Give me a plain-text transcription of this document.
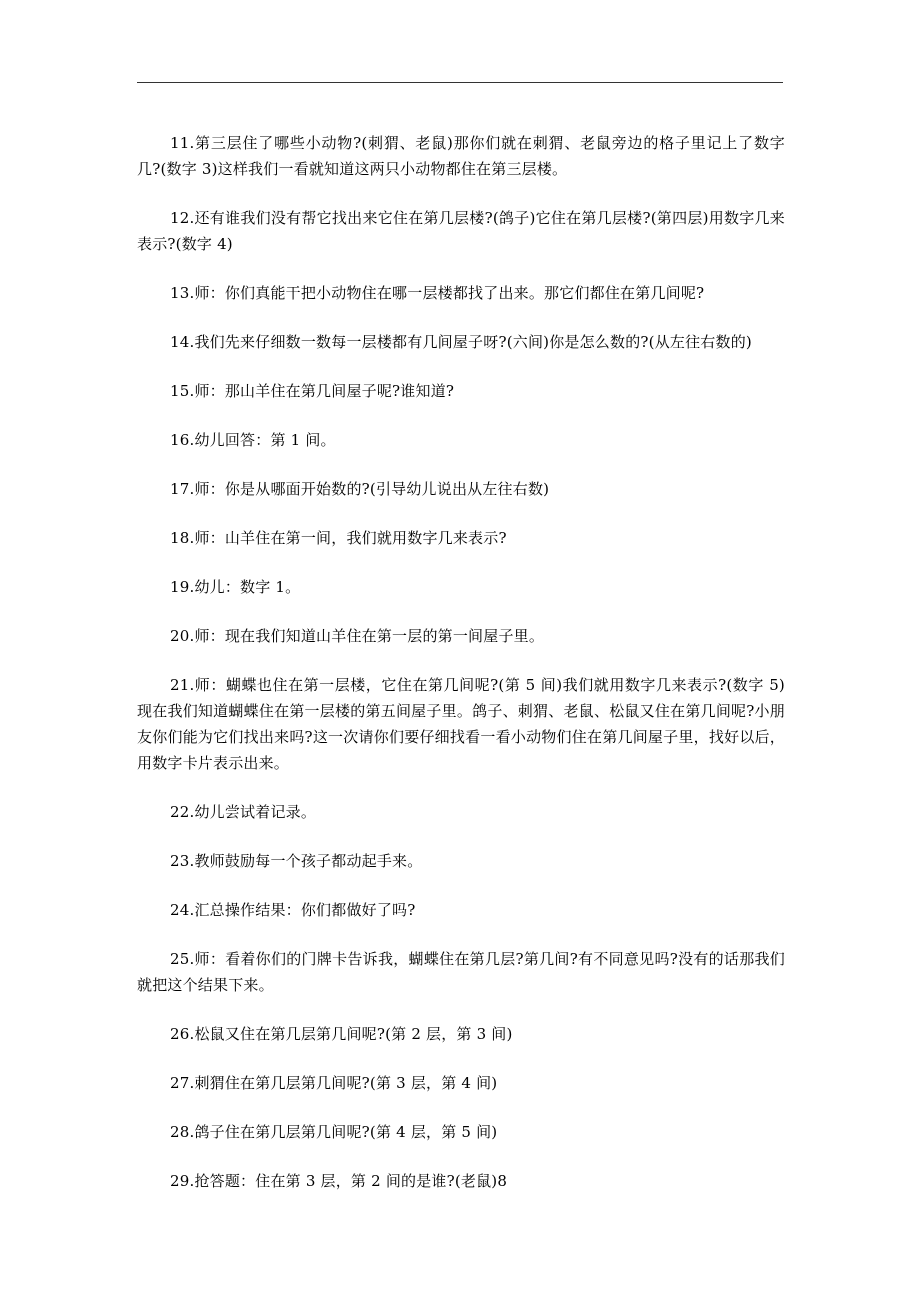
11.第三层住了哪些小动物?(刺猬、老鼠)那你们就在刺猬、老鼠旁边的格子里记上了数字几?(数字 3)这样我们一看就知道这两只小动物都住在第三层楼。

12.还有谁我们没有帮它找出来它住在第几层楼?(鸽子)它住在第几层楼?(第四层)用数字几来表示?(数字 4)

13.师：你们真能干把小动物住在哪一层楼都找了出来。那它们都住在第几间呢?

14.我们先来仔细数一数每一层楼都有几间屋子呀?(六间)你是怎么数的?(从左往右数的)

15.师：那山羊住在第几间屋子呢?谁知道?

16.幼儿回答：第 1 间。

17.师：你是从哪面开始数的?(引导幼儿说出从左往右数)

18.师：山羊住在第一间，我们就用数字几来表示?

19.幼儿：数字 1。

20.师：现在我们知道山羊住在第一层的第一间屋子里。

21.师：蝴蝶也住在第一层楼，它住在第几间呢?(第 5 间)我们就用数字几来表示?(数字 5)现在我们知道蝴蝶住在第一层楼的第五间屋子里。鸽子、刺猬、老鼠、松鼠又住在第几间呢?小朋友你们能为它们找出来吗?这一次请你们要仔细找看一看小动物们住在第几间屋子里，找好以后，用数字卡片表示出来。

22.幼儿尝试着记录。

23.教师鼓励每一个孩子都动起手来。

24.汇总操作结果：你们都做好了吗?

25.师：看着你们的门牌卡告诉我，蝴蝶住在第几层?第几间?有不同意见吗?没有的话那我们就把这个结果下来。

26.松鼠又住在第几层第几间呢?(第 2 层，第 3 间)

27.刺猬住在第几层第几间呢?(第 3 层，第 4 间)

28.鸽子住在第几层第几间呢?(第 4 层，第 5 间)

29.抢答题：住在第 3 层，第 2 间的是谁?(老鼠)8
